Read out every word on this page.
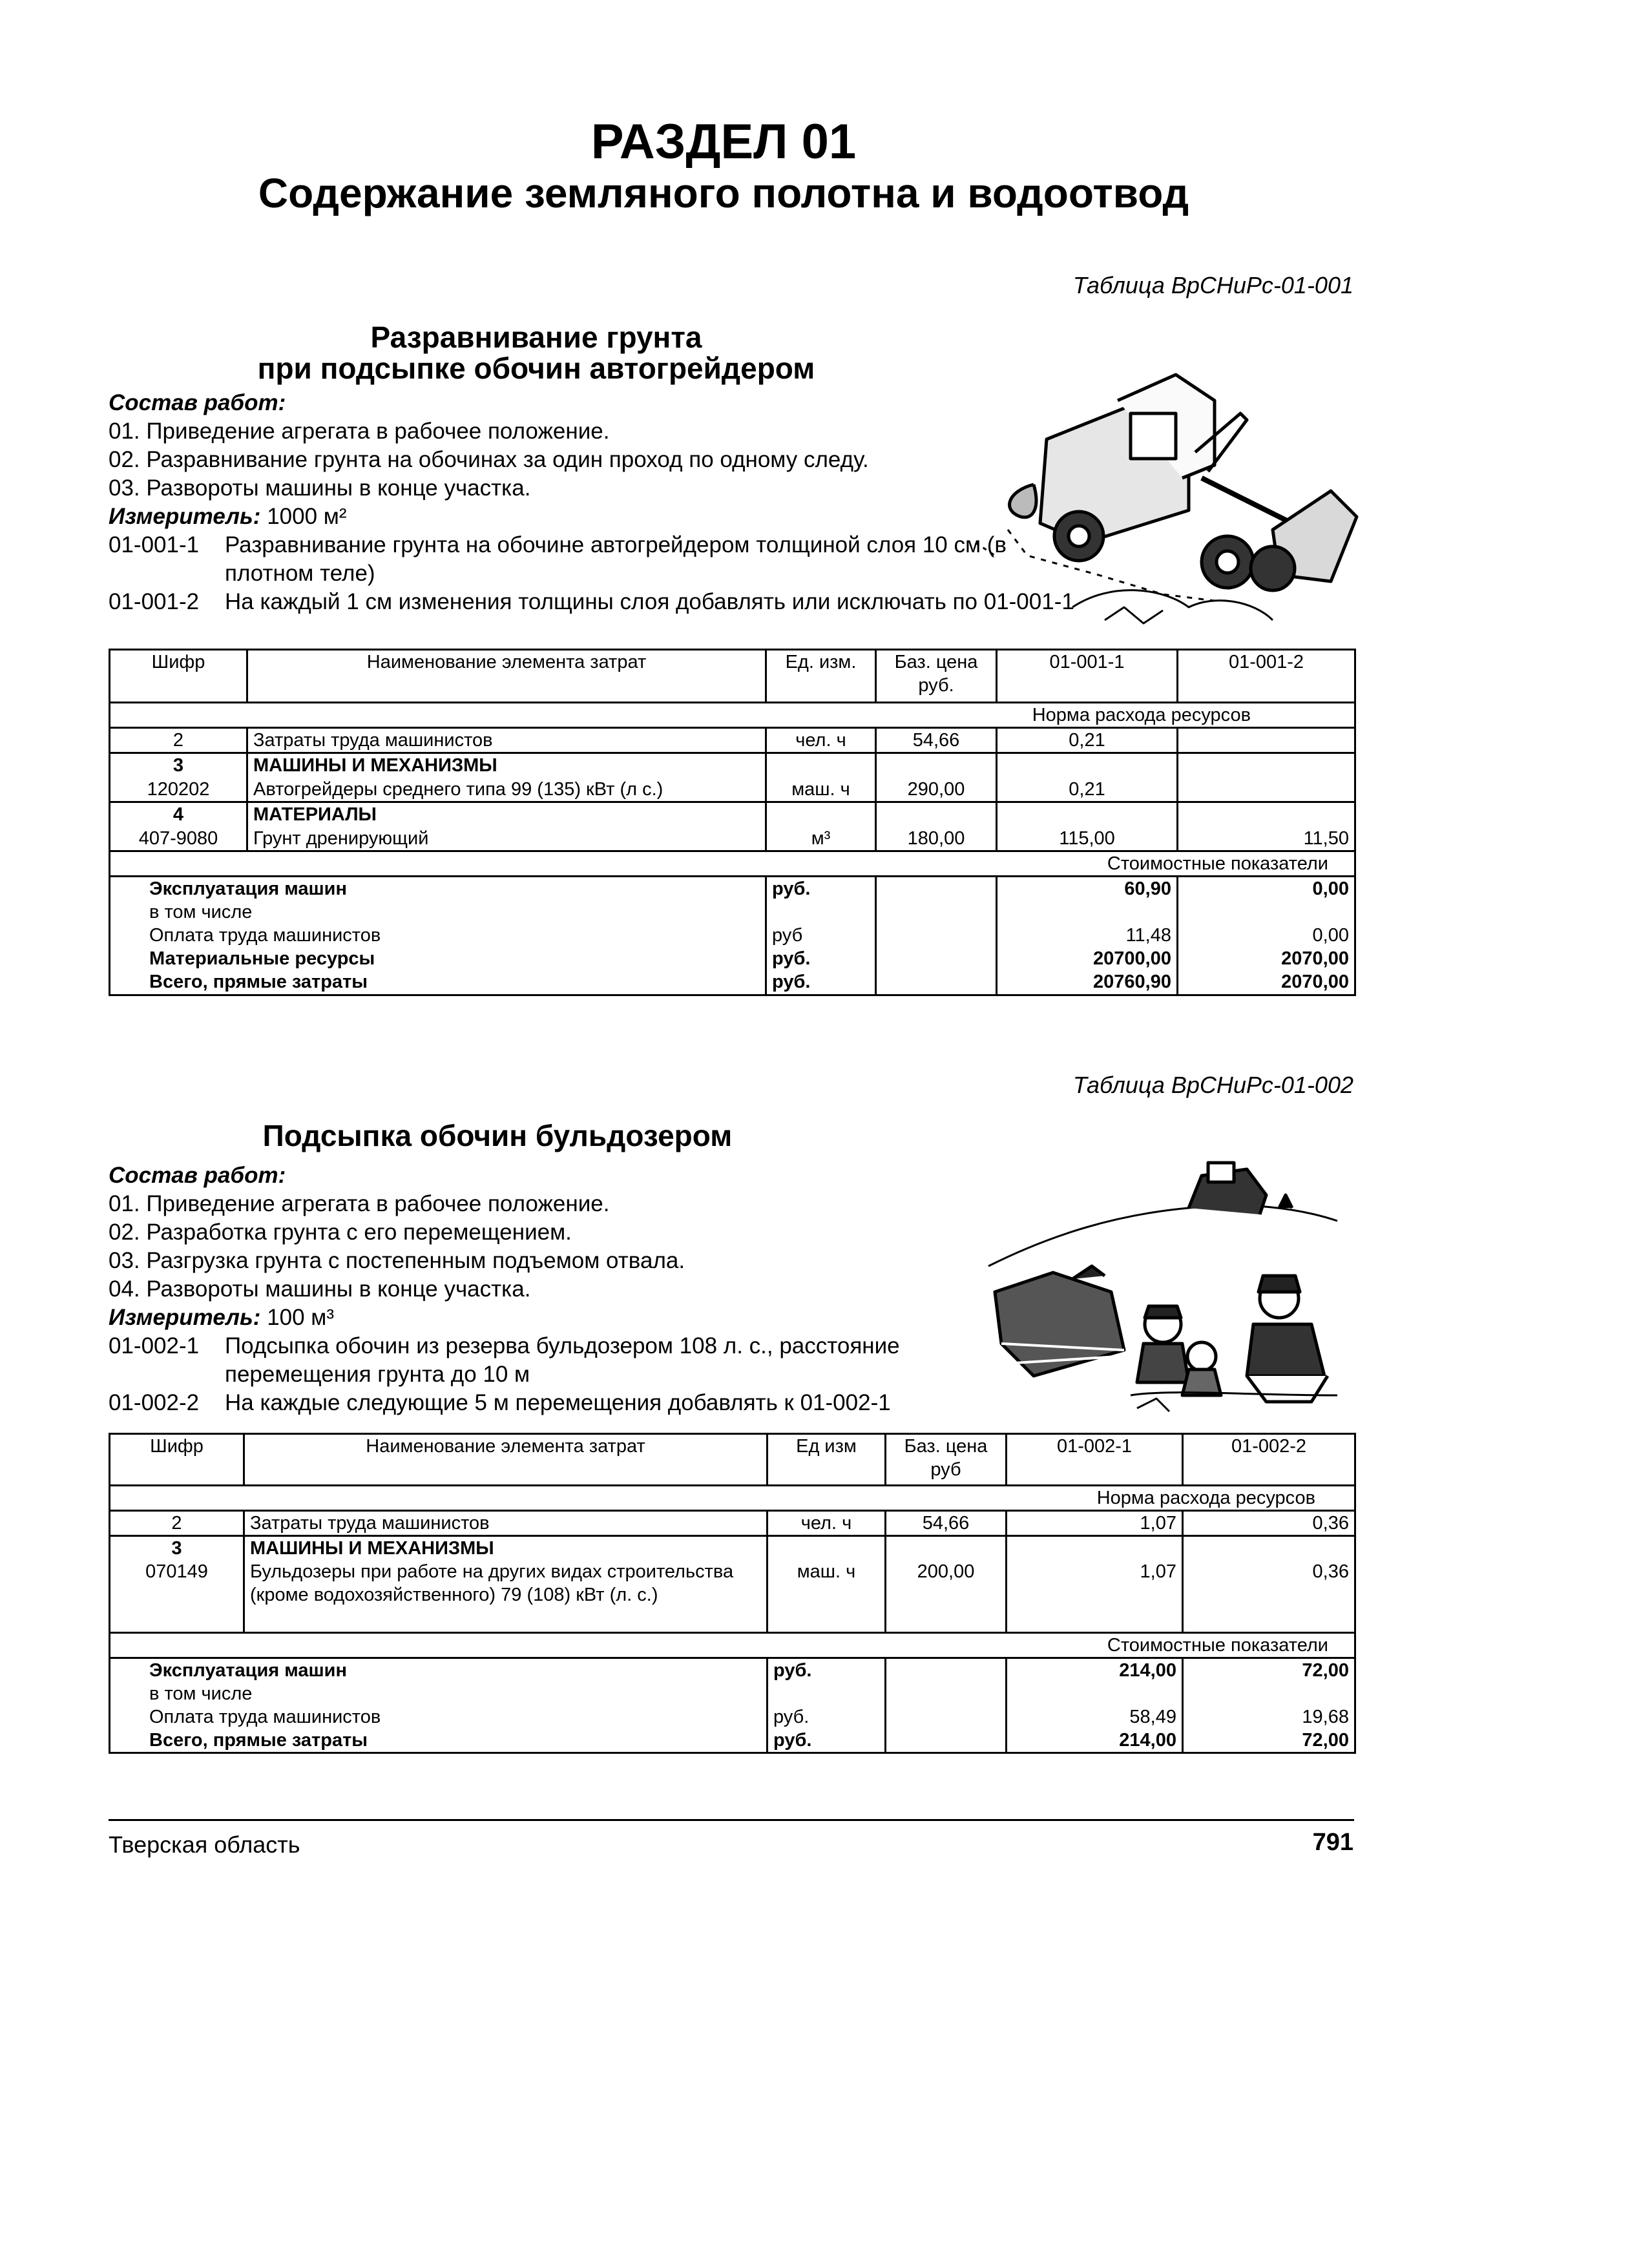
РАЗДЕЛ 01
Содержание земляного полотна и водоотвод
Таблица ВрСНиРс-01-001
Разравнивание грунта
при подсыпке обочин автогрейдером
Состав работ:
01. Приведение агрегата в рабочее положение.
02. Разравнивание грунта на обочинах за один проход по одному следу.
03. Развороты машины в конце участка.
Измеритель: 1000 м²
01-001-1 Разравнивание грунта на обочине автогрейдером толщиной слоя 10 см (в плотном теле)
01-001-2 На каждый 1 см изменения толщины слоя добавлять или исключать по 01-001-1
Шифр	Наименование элемента затрат	Ед. изм.	Баз. цена руб.	01-001-1	01-001-2
Норма расхода ресурсов					
2	Затраты труда машинистов	чел. ч	54,66	0,21	
3	МАШИНЫ И МЕХАНИЗМЫ				
120202	Автогрейдеры среднего типа 99 (135) кВт (л с.)	маш. ч	290,00	0,21	
4	МАТЕРИАЛЫ				
407-9080	Грунт дренирующий	м³	180,00	115,00	11,50
Стоимостные показатели					
Эксплуатация машин		руб.		60,90	0,00
в том числе					
Оплата труда машинистов		руб		11,48	0,00
Материальные ресурсы		руб.		20700,00	2070,00
Всего, прямые затраты		руб.		20760,90	2070,00
Таблица ВрСНиРс-01-002
Подсыпка обочин бульдозером
Состав работ:
01. Приведение агрегата в рабочее положение.
02. Разработка грунта с его перемещением.
03. Разгрузка грунта с постепенным подъемом отвала.
04. Развороты машины в конце участка.
Измеритель: 100 м³
01-002-1 Подсыпка обочин из резерва бульдозером 108 л. с., расстояние перемещения грунта до 10 м
01-002-2 На каждые следующие 5 м перемещения добавлять к 01-002-1
Шифр	Наименование элемента затрат	Ед изм	Баз. цена руб	01-002-1	01-002-2
Норма расхода ресурсов					
2	Затраты труда машинистов	чел. ч	54,66	1,07	0,36
3	МАШИНЫ И МЕХАНИЗМЫ				
070149	Бульдозеры при работе на других видах строительства (кроме водохозяйственного) 79 (108) кВт (л. с.)	маш. ч	200,00	1,07	0,36
Стоимостные показатели					
Эксплуатация машин		руб.		214,00	72,00
в том числе					
Оплата труда машинистов		руб.		58,49	19,68
Всего, прямые затраты		руб.		214,00	72,00
Тверская область	791
